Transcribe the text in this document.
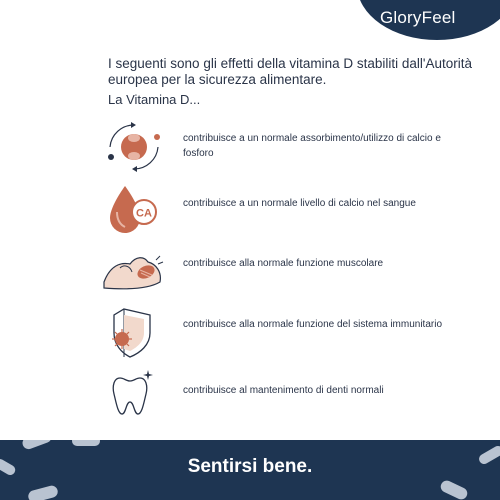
GloryFeel
I seguenti sono gli effetti della vitamina D stabiliti dall'Autorità europea per la sicurezza alimentare.
La Vitamina D...
contribuisce a un normale assorbimento/utilizzo di calcio e fosforo
CA
contribuisce a un normale livello di calcio nel sangue
contribuisce alla normale funzione muscolare
contribuisce alla normale funzione del sistema immunitario
contribuisce al mantenimento di denti normali
Sentirsi bene.
